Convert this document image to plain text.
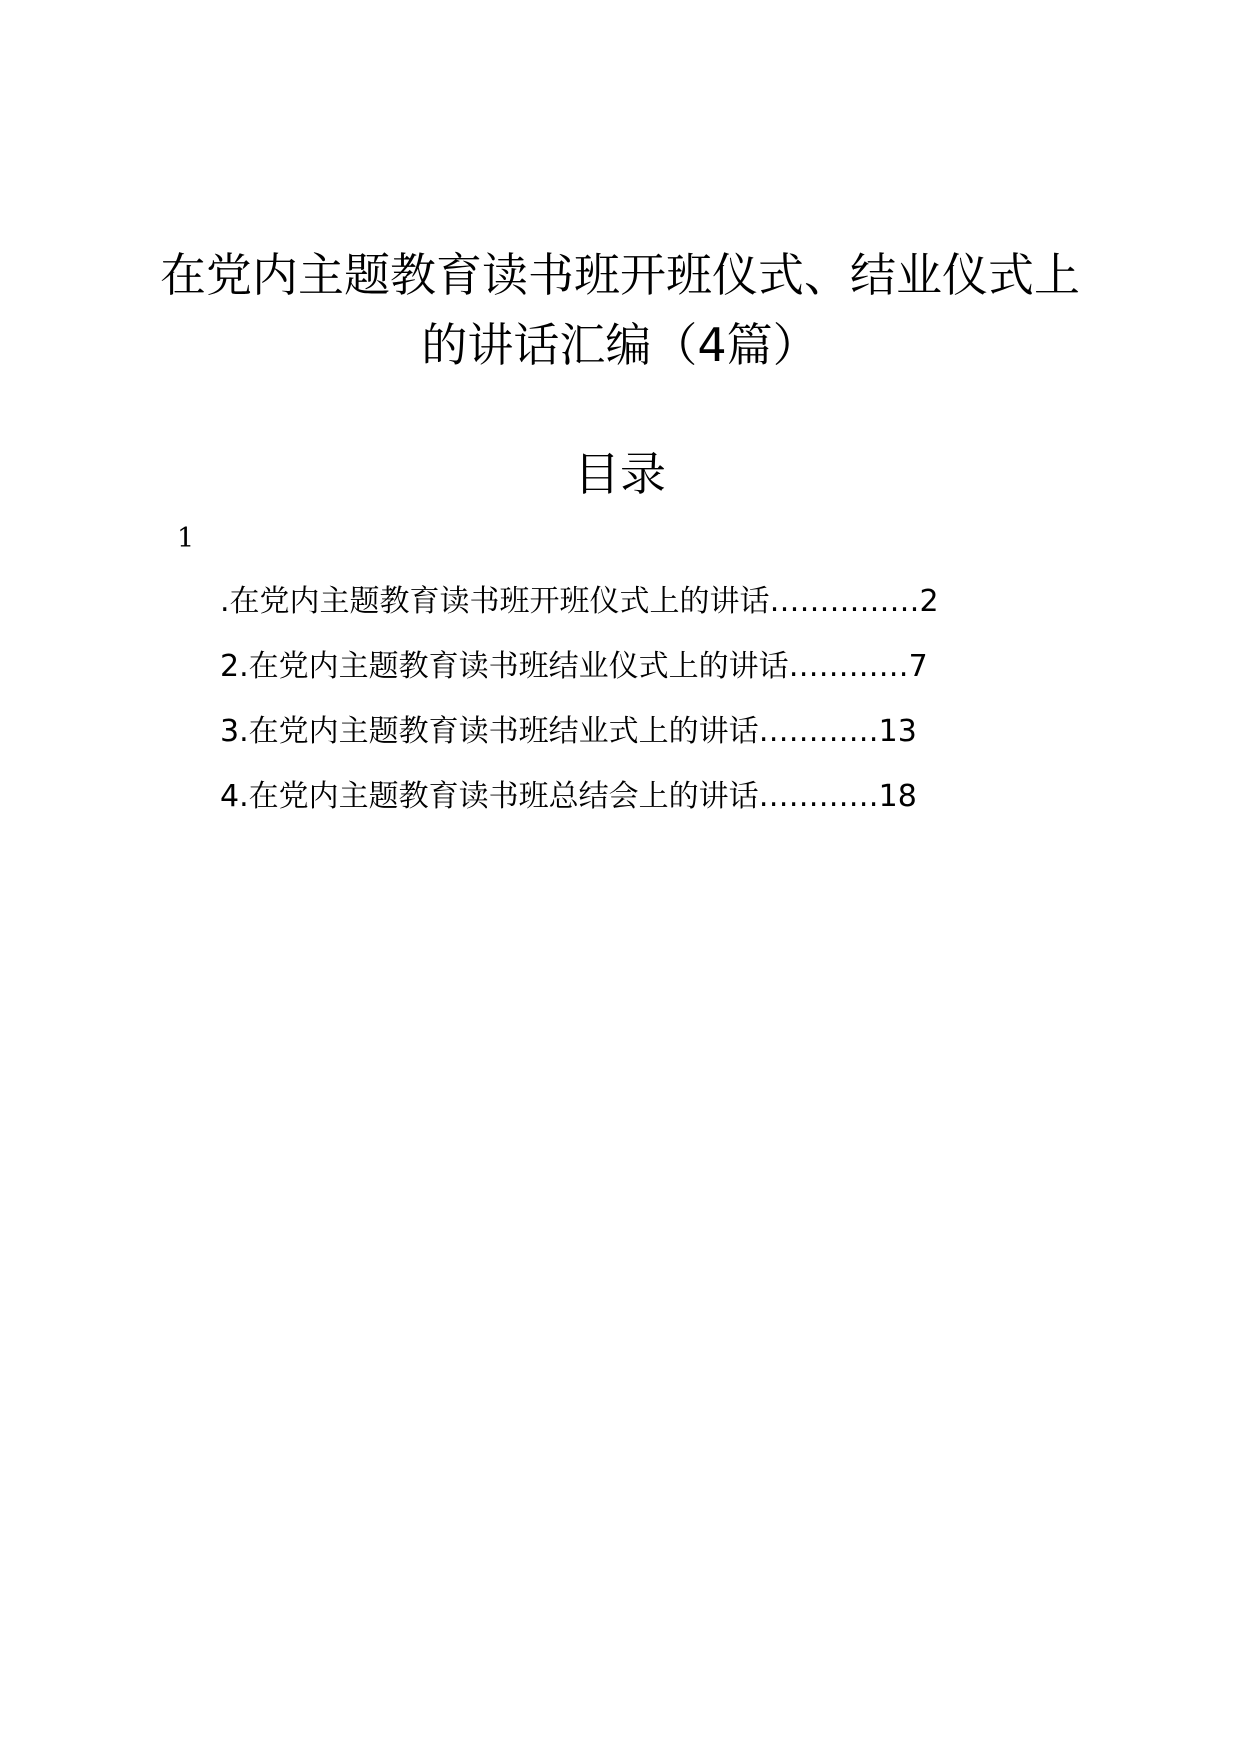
在党内主题教育读书班开班仪式、结业仪式上
的讲话汇编（4篇）
目录
1
.在党内主题教育读书班开班仪式上的讲话……………2
2.在党内主题教育读书班结业仪式上的讲话…………7
3.在党内主题教育读书班结业式上的讲话…………13
4.在党内主题教育读书班总结会上的讲话…………18
